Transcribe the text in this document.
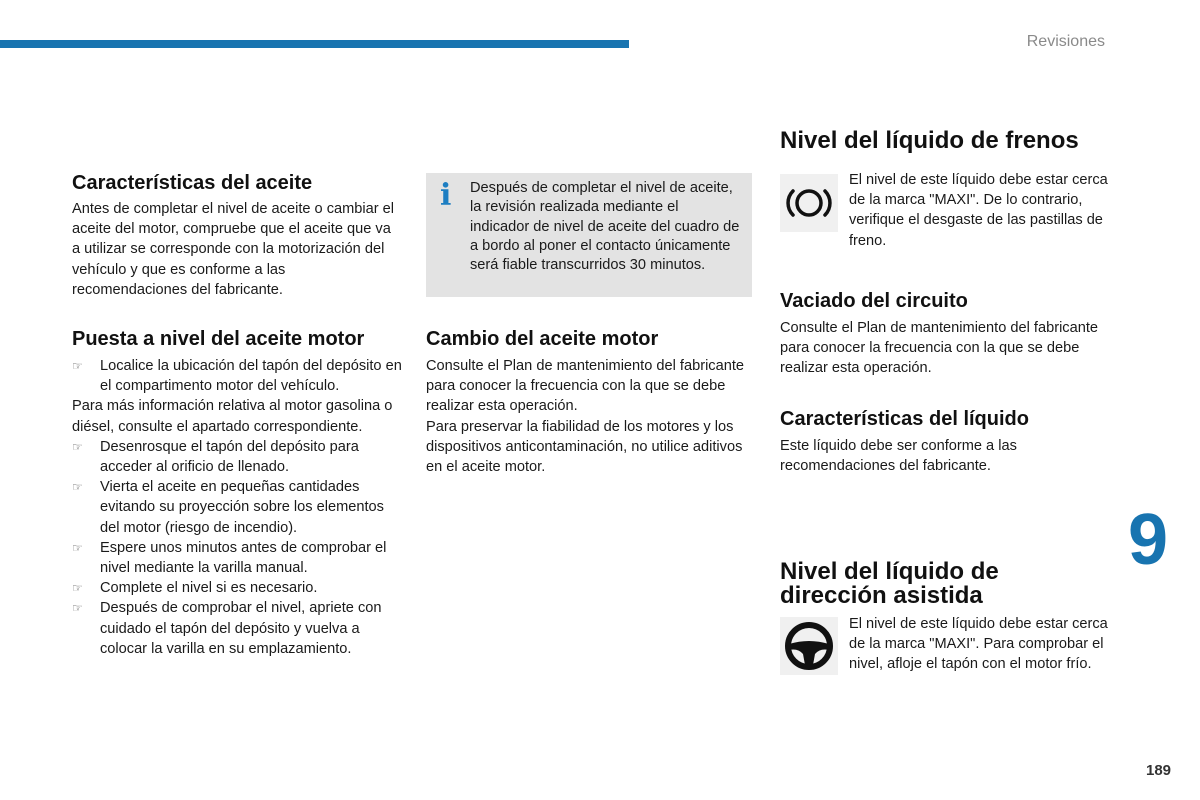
Revisiones
Características del aceite

Antes de completar el nivel de aceite o cambiar el aceite del motor, compruebe que el aceite que va a utilizar se corresponde con la motorización del vehículo y que es conforme a las recomendaciones del fabricante.

Puesta a nivel del aceite motor
☞ Localice la ubicación del tapón del depósito en el compartimento motor del vehículo.

Para más información relativa al motor gasolina o diésel, consulte el apartado correspondiente.

☞ Desenrosque el tapón del depósito para acceder al orificio de llenado.
☞ Vierta el aceite en pequeñas cantidades evitando su proyección sobre los elementos del motor (riesgo de incendio).
☞ Espere unos minutos antes de comprobar el nivel mediante la varilla manual.
☞ Complete el nivel si es necesario.
☞ Después de comprobar el nivel, apriete con cuidado el tapón del depósito y vuelva a colocar la varilla en su emplazamiento.
i Después de completar el nivel de aceite, la revisión realizada mediante el indicador de nivel de aceite del cuadro de a bordo al poner el contacto únicamente será fiable transcurridos 30 minutos.

Cambio del aceite motor

Consulte el Plan de mantenimiento del fabricante para conocer la frecuencia con la que se debe realizar esta operación.

Para preservar la fiabilidad de los motores y los dispositivos anticontaminación, no utilice aditivos en el aceite motor.

Nivel del líquido de frenos

El nivel de este líquido debe estar cerca de la marca "MAXI". De lo contrario, verifique el desgaste de las pastillas de freno.

Vaciado del circuito

Consulte el Plan de mantenimiento del fabricante para conocer la frecuencia con la que se debe realizar esta operación.

Características del líquido

Este líquido debe ser conforme a las recomendaciones del fabricante.

9
Nivel del líquido de
dirección asistida

El nivel de este líquido debe estar cerca de la marca "MAXI". Para comprobar el nivel, afloje el tapón con el motor frío.

189
